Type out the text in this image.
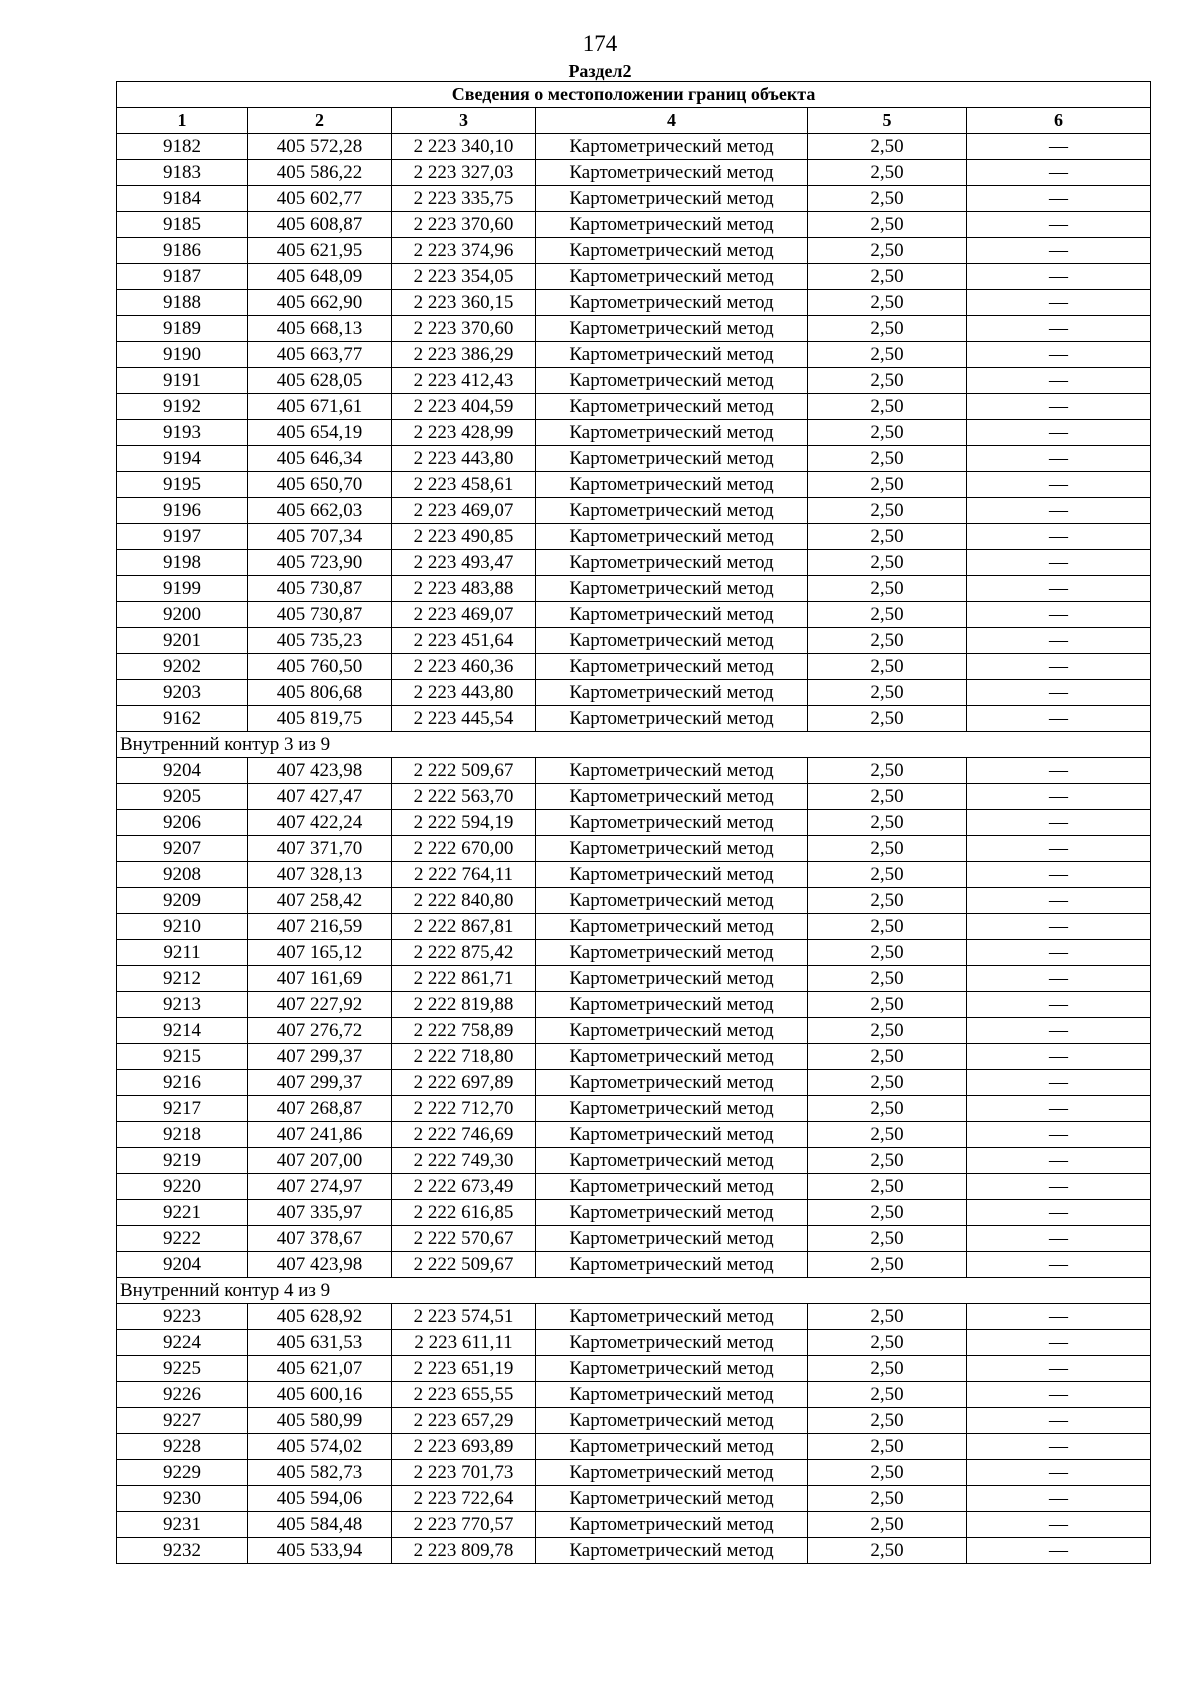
174
Раздел2
Сведения о местоположении границ объекта					
1	2	3	4	5	6
9182	405 572,28	2 223 340,10	Картометрический метод	2,50	—
9183	405 586,22	2 223 327,03	Картометрический метод	2,50	—
9184	405 602,77	2 223 335,75	Картометрический метод	2,50	—
9185	405 608,87	2 223 370,60	Картометрический метод	2,50	—
9186	405 621,95	2 223 374,96	Картометрический метод	2,50	—
9187	405 648,09	2 223 354,05	Картометрический метод	2,50	—
9188	405 662,90	2 223 360,15	Картометрический метод	2,50	—
9189	405 668,13	2 223 370,60	Картометрический метод	2,50	—
9190	405 663,77	2 223 386,29	Картометрический метод	2,50	—
9191	405 628,05	2 223 412,43	Картометрический метод	2,50	—
9192	405 671,61	2 223 404,59	Картометрический метод	2,50	—
9193	405 654,19	2 223 428,99	Картометрический метод	2,50	—
9194	405 646,34	2 223 443,80	Картометрический метод	2,50	—
9195	405 650,70	2 223 458,61	Картометрический метод	2,50	—
9196	405 662,03	2 223 469,07	Картометрический метод	2,50	—
9197	405 707,34	2 223 490,85	Картометрический метод	2,50	—
9198	405 723,90	2 223 493,47	Картометрический метод	2,50	—
9199	405 730,87	2 223 483,88	Картометрический метод	2,50	—
9200	405 730,87	2 223 469,07	Картометрический метод	2,50	—
9201	405 735,23	2 223 451,64	Картометрический метод	2,50	—
9202	405 760,50	2 223 460,36	Картометрический метод	2,50	—
9203	405 806,68	2 223 443,80	Картометрический метод	2,50	—
9162	405 819,75	2 223 445,54	Картометрический метод	2,50	—
Внутренний контур 3 из 9					
9204	407 423,98	2 222 509,67	Картометрический метод	2,50	—
9205	407 427,47	2 222 563,70	Картометрический метод	2,50	—
9206	407 422,24	2 222 594,19	Картометрический метод	2,50	—
9207	407 371,70	2 222 670,00	Картометрический метод	2,50	—
9208	407 328,13	2 222 764,11	Картометрический метод	2,50	—
9209	407 258,42	2 222 840,80	Картометрический метод	2,50	—
9210	407 216,59	2 222 867,81	Картометрический метод	2,50	—
9211	407 165,12	2 222 875,42	Картометрический метод	2,50	—
9212	407 161,69	2 222 861,71	Картометрический метод	2,50	—
9213	407 227,92	2 222 819,88	Картометрический метод	2,50	—
9214	407 276,72	2 222 758,89	Картометрический метод	2,50	—
9215	407 299,37	2 222 718,80	Картометрический метод	2,50	—
9216	407 299,37	2 222 697,89	Картометрический метод	2,50	—
9217	407 268,87	2 222 712,70	Картометрический метод	2,50	—
9218	407 241,86	2 222 746,69	Картометрический метод	2,50	—
9219	407 207,00	2 222 749,30	Картометрический метод	2,50	—
9220	407 274,97	2 222 673,49	Картометрический метод	2,50	—
9221	407 335,97	2 222 616,85	Картометрический метод	2,50	—
9222	407 378,67	2 222 570,67	Картометрический метод	2,50	—
9204	407 423,98	2 222 509,67	Картометрический метод	2,50	—
Внутренний контур 4 из 9					
9223	405 628,92	2 223 574,51	Картометрический метод	2,50	—
9224	405 631,53	2 223 611,11	Картометрический метод	2,50	—
9225	405 621,07	2 223 651,19	Картометрический метод	2,50	—
9226	405 600,16	2 223 655,55	Картометрический метод	2,50	—
9227	405 580,99	2 223 657,29	Картометрический метод	2,50	—
9228	405 574,02	2 223 693,89	Картометрический метод	2,50	—
9229	405 582,73	2 223 701,73	Картометрический метод	2,50	—
9230	405 594,06	2 223 722,64	Картометрический метод	2,50	—
9231	405 584,48	2 223 770,57	Картометрический метод	2,50	—
9232	405 533,94	2 223 809,78	Картометрический метод	2,50	—
